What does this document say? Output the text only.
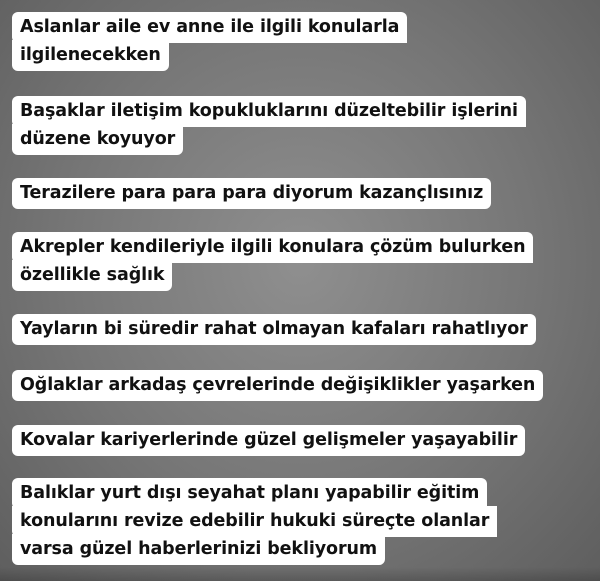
Aslanlar aile ev anne ile ilgili konularla
ilgilenecekken
Başaklar iletişim kopukluklarını düzeltebilir işlerini
düzene koyuyor
Terazilere para para para diyorum kazançlısınız
Akrepler kendileriyle ilgili konulara çözüm bulurken
özellikle sağlık
Yayların bi süredir rahat olmayan kafaları rahatlıyor
Oğlaklar arkadaş çevrelerinde değişiklikler yaşarken
Kovalar kariyerlerinde güzel gelişmeler yaşayabilir
Balıklar yurt dışı seyahat planı yapabilir eğitim
konularını revize edebilir hukuki süreçte olanlar
varsa güzel haberlerinizi bekliyorum
